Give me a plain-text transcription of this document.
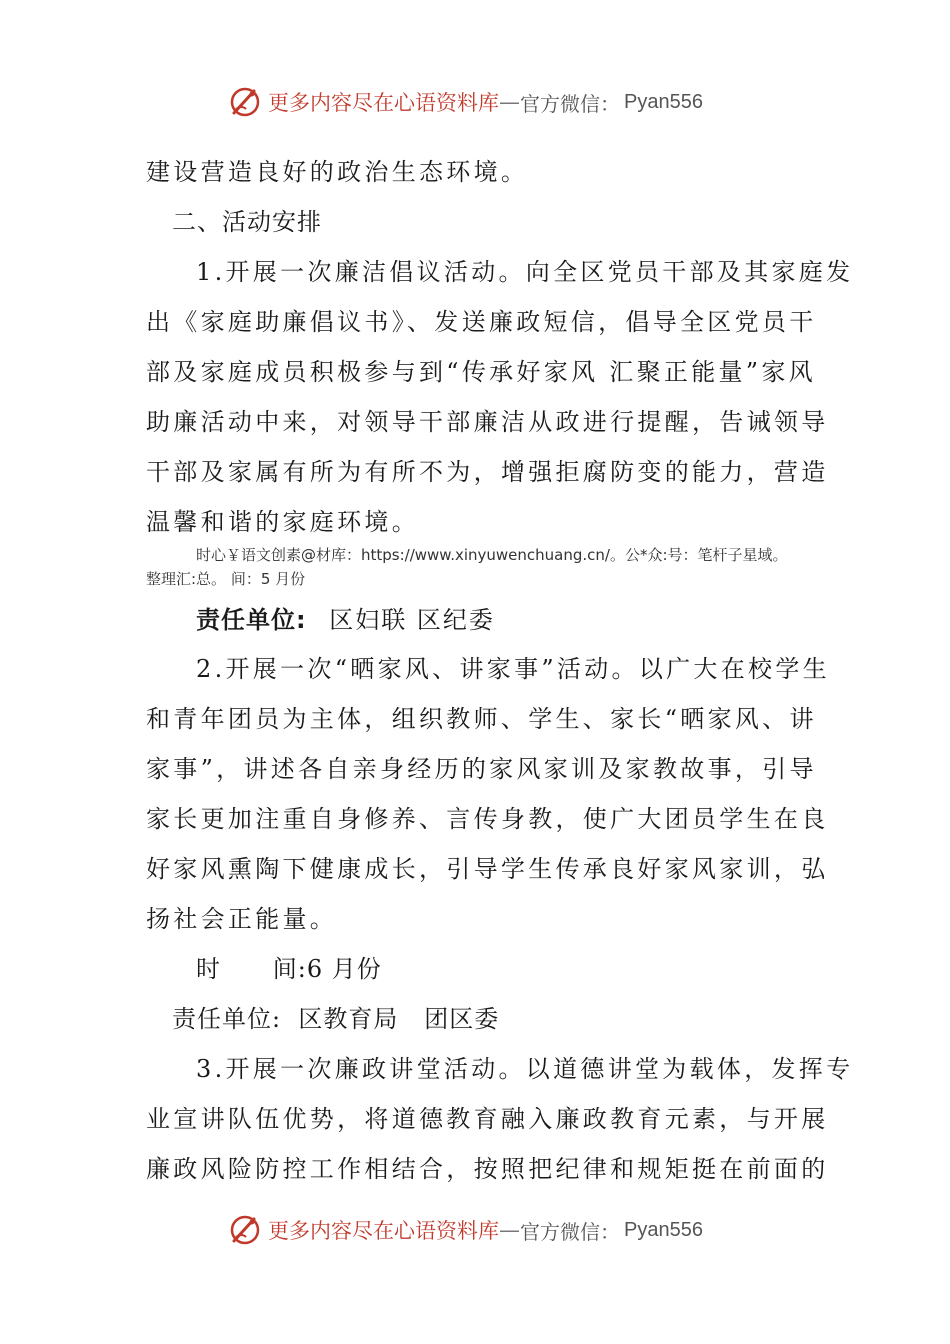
更多内容尽在心语资料库 — 官方微信： Pyan556
建设营造良好的政治生态环境。
二、活动安排
1.开展一次廉洁倡议活动。向全区党员干部及其家庭发
出《家庭助廉倡议书》、发送廉政短信，倡导全区党员干
部及家庭成员积极参与到“传承好家风 汇聚正能量”家风
助廉活动中来，对领导干部廉洁从政进行提醒，告诫领导
干部及家属有所为有所不为，增强拒腐防变的能力，营造
温馨和谐的家庭环境。
时心￥语文创素@材库：https://www.xinyuwenchuang.cn/。公*众:号：笔杆子星域。
整理汇:总。 间：5 月份
责任单位: 区妇联 区纪委
2.开展一次“晒家风、讲家事”活动。以广大在校学生
和青年团员为主体，组织教师、学生、家长“晒家风、讲
家事”，讲述各自亲身经历的家风家训及家教故事，引导
家长更加注重自身修养、言传身教，使广大团员学生在良
好家风熏陶下健康成长，引导学生传承良好家风家训，弘
扬社会正能量。
时      间:6 月份
责任单位:  区教育局   团区委
3.开展一次廉政讲堂活动。以道德讲堂为载体，发挥专
业宣讲队伍优势，将道德教育融入廉政教育元素，与开展
廉政风险防控工作相结合，按照把纪律和规矩挺在前面的
更多内容尽在心语资料库 — 官方微信： Pyan556
